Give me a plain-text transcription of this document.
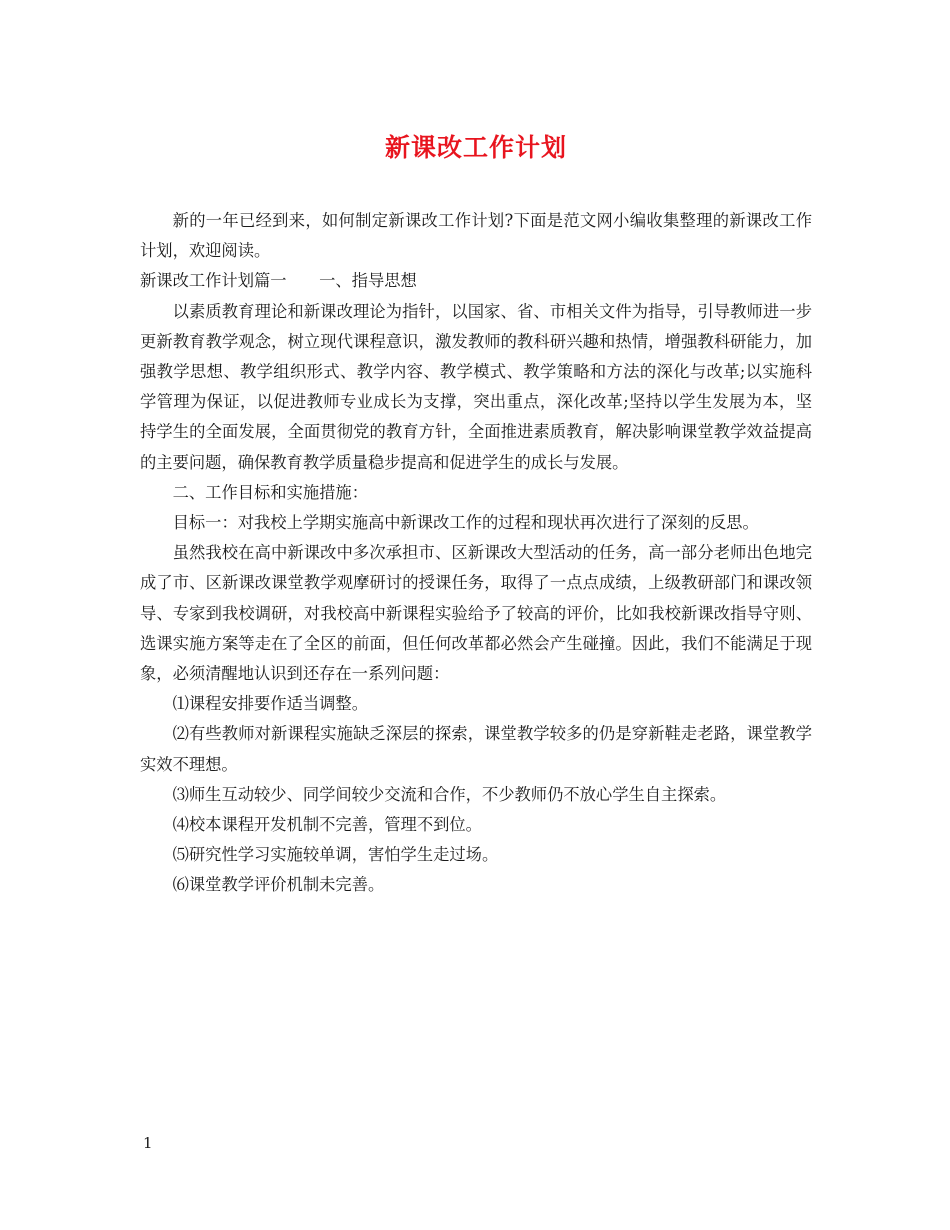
新课改工作计划

新的一年已经到来，如何制定新课改工作计划?下面是范文网小编收集整理的新课改工作计划，欢迎阅读。

新课改工作计划篇一　　一、指导思想

以素质教育理论和新课改理论为指针，以国家、省、市相关文件为指导，引导教师进一步更新教育教学观念，树立现代课程意识，激发教师的教科研兴趣和热情，增强教科研能力，加强教学思想、教学组织形式、教学内容、教学模式、教学策略和方法的深化与改革;以实施科学管理为保证，以促进教师专业成长为支撑，突出重点，深化改革;坚持以学生发展为本，坚持学生的全面发展，全面贯彻党的教育方针，全面推进素质教育，解决影响课堂教学效益提高的主要问题，确保教育教学质量稳步提高和促进学生的成长与发展。

二、工作目标和实施措施：

目标一：对我校上学期实施高中新课改工作的过程和现状再次进行了深刻的反思。

虽然我校在高中新课改中多次承担市、区新课改大型活动的任务，高一部分老师出色地完成了市、区新课改课堂教学观摩研讨的授课任务，取得了一点点成绩，上级教研部门和课改领导、专家到我校调研，对我校高中新课程实验给予了较高的评价，比如我校新课改指导守则、选课实施方案等走在了全区的前面，但任何改革都必然会产生碰撞。因此，我们不能满足于现象，必须清醒地认识到还存在一系列问题：

⑴课程安排要作适当调整。

⑵有些教师对新课程实施缺乏深层的探索，课堂教学较多的仍是穿新鞋走老路，课堂教学实效不理想。

⑶师生互动较少、同学间较少交流和合作，不少教师仍不放心学生自主探索。

⑷校本课程开发机制不完善，管理不到位。

⑸研究性学习实施较单调，害怕学生走过场。

⑹课堂教学评价机制未完善。

1
